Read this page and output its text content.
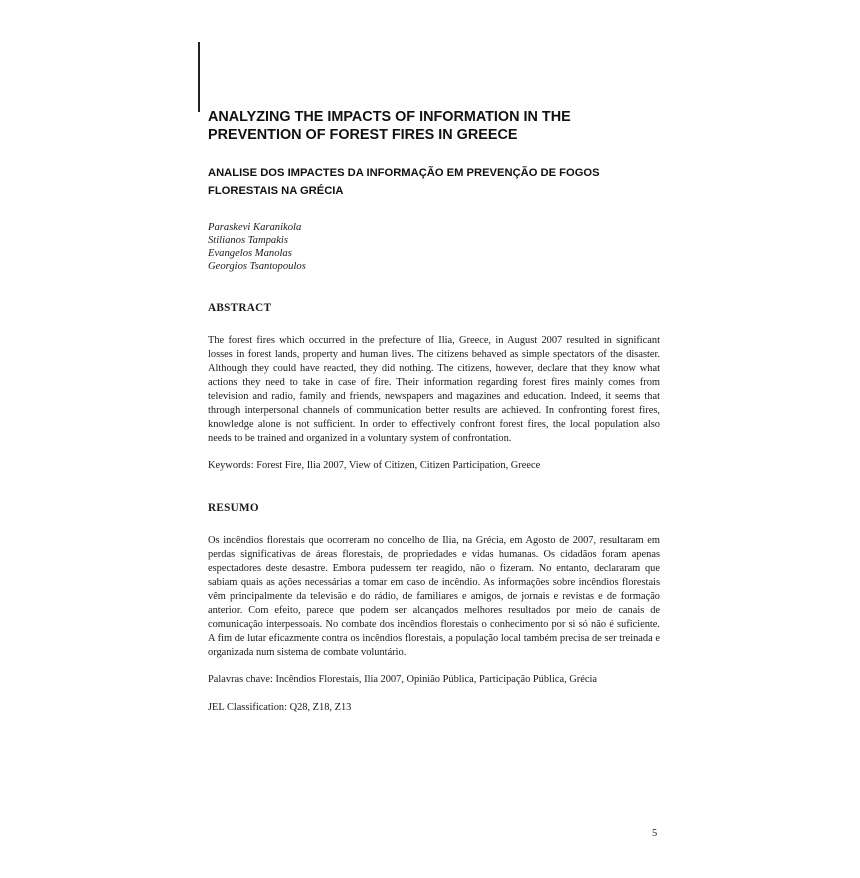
ANALYZING THE IMPACTS OF INFORMATION IN THE PREVENTION OF FOREST FIRES IN GREECE
ANALISE DOS IMPACTES DA INFORMAÇÃO EM PREVENÇÃO DE FOGOS FLORESTAIS NA GRÉCIA
Paraskevi Karanikola
Stilianos Tampakis
Evangelos Manolas
Georgios Tsantopoulos
ABSTRACT

The forest fires which occurred in the prefecture of Ilia, Greece, in August 2007 resulted in significant losses in forest lands, property and human lives. The citizens behaved as simple spectators of the disaster. Although they could have reacted, they did nothing. The citizens, however, declare that they know what actions they need to take in case of fire. Their information regarding forest fires mainly comes from television and radio, family and friends, newspapers and magazines and education. Indeed, it seems that through interpersonal channels of communication better results are achieved. In confronting forest fires, knowledge alone is not sufficient. In order to effectively confront forest fires, the local population also needs to be trained and organized in a voluntary system of confrontation.

Keywords: Forest Fire, Ilia 2007, View of Citizen, Citizen Participation, Greece

RESUMO

Os incêndios florestais que ocorreram no concelho de Ilia, na Grécia, em Agosto de 2007, resultaram em perdas significativas de áreas florestais, de propriedades e vidas humanas. Os cidadãos foram apenas espectadores deste desastre. Embora pudessem ter reagido, não o fizeram. No entanto, declararam que sabiam quais as ações necessárias a tomar em caso de incêndio. As informações sobre incêndios florestais vêm principalmente da televisão e do rádio, de familiares e amigos, de jornais e revistas e de formação anterior. Com efeito, parece que podem ser alcançados melhores resultados por meio de canais de comunicação interpessoais. No combate dos incêndios florestais o conhecimento por si só não é suficiente. A fim de lutar eficazmente contra os incêndios florestais, a população local também precisa de ser treinada e organizada num sistema de combate voluntário.

Palavras chave: Incêndios Florestais, Ilia 2007, Opinião Pública, Participação Pública, Grécia

JEL Classification: Q28, Z18, Z13

5
